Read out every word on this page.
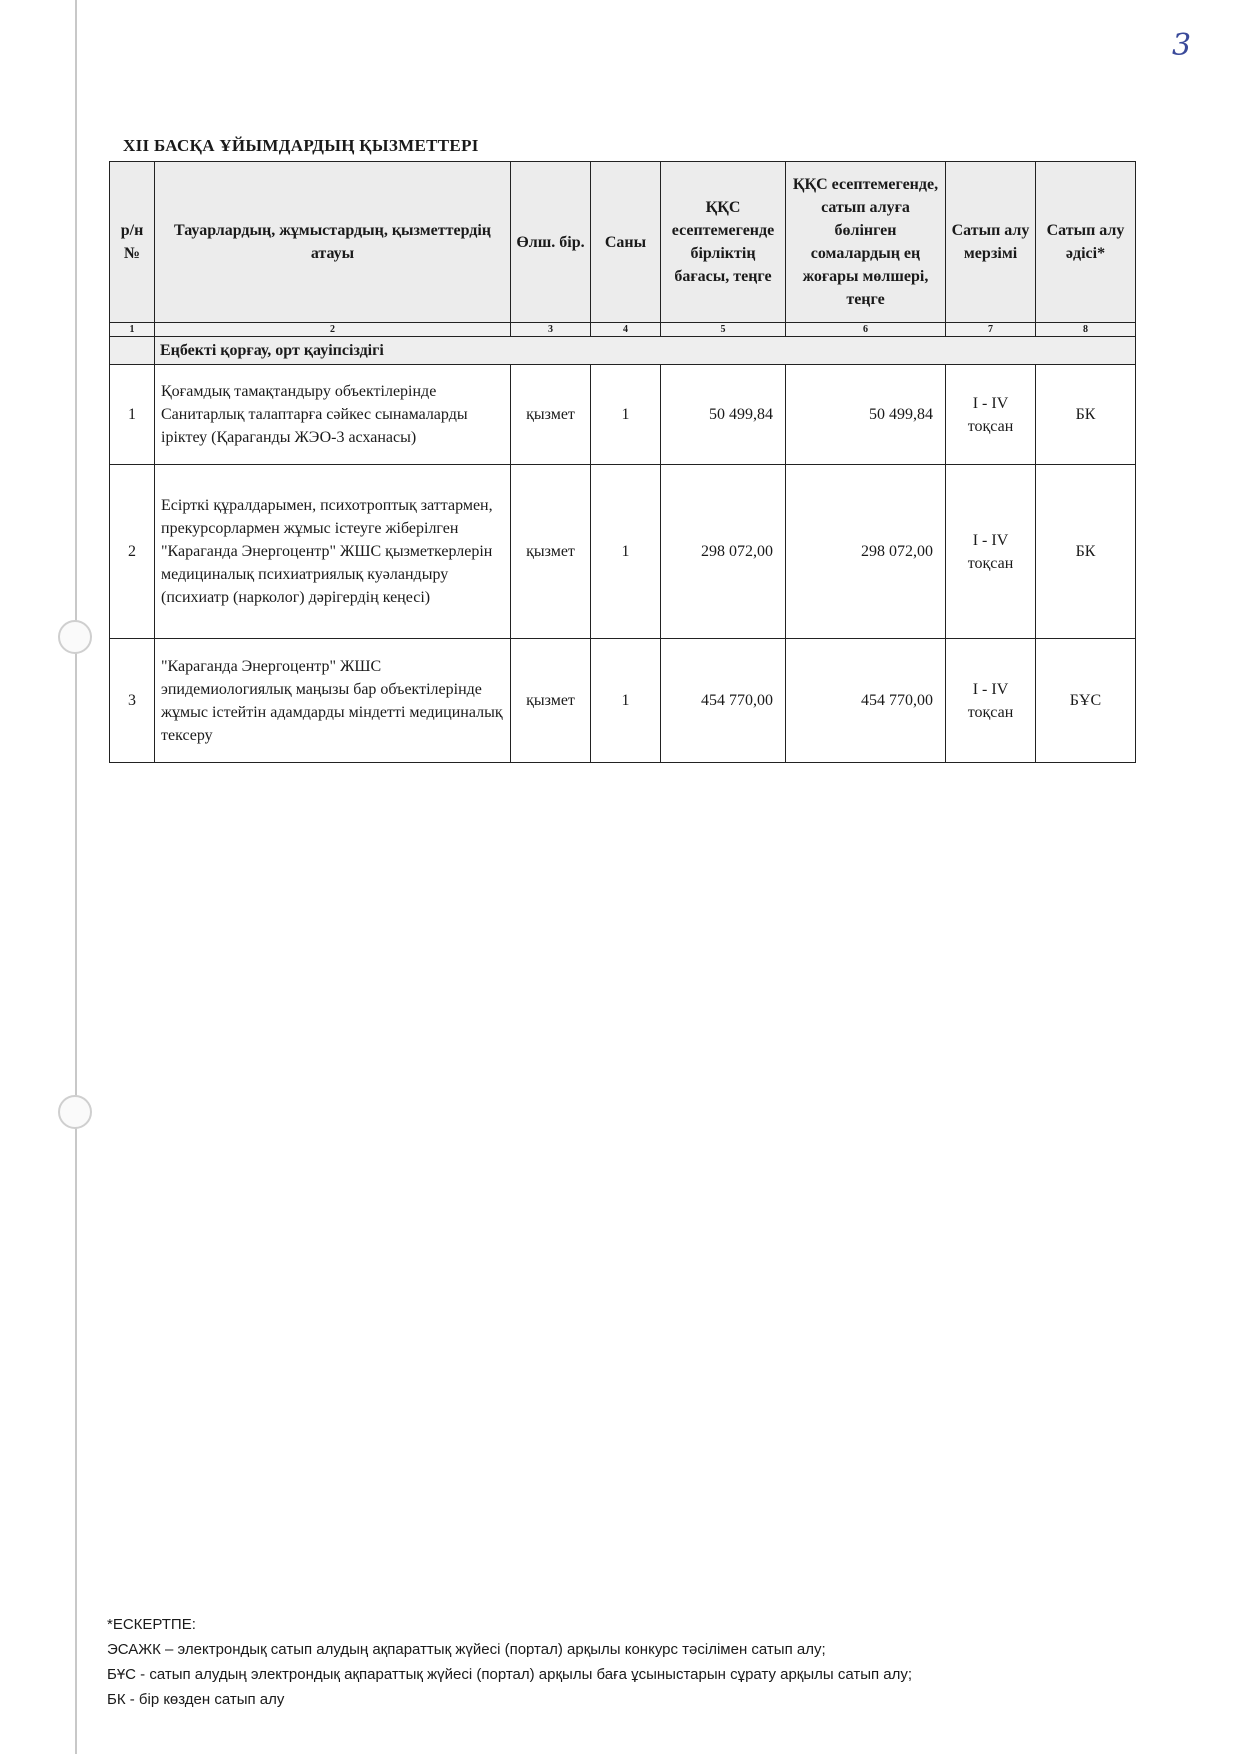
3
XII БАСҚА ҰЙЫМДАРДЫҢ ҚЫЗМЕТТЕРІ
р/н №	Тауарлардың, жұмыстардың, қызметтердің атауы	Өлш. бір.	Саны	ҚҚС есептемегенде бірліктің бағасы, теңге	ҚҚС есептемегенде, сатып алуға бөлінген сомалардың ең жоғары мөлшері, теңге	Сатып алу мерзімі	Сатып алу әдісі*
1	2	3	4	5	6	7	8
	Еңбекті қорғау, орт қауіпсіздігі						
1	Қоғамдық тамақтандыру объектілерінде Санитарлық талаптарға сәйкес сынамаларды іріктеу (Қараганды ЖЭО-3 асханасы)	қызмет	1	50 499,84	50 499,84	I - IV тоқсан	БК
2	Есірткі құралдарымен, психотроптық заттармен, прекурсорлармен жұмыс істеуге жіберілген "Караганда Энергоцентр" ЖШС қызметкерлерін медициналық психиатриялық куәландыру (психиатр (нарколог) дәрігердің кеңесі)	қызмет	1	298 072,00	298 072,00	I - IV тоқсан	БК
3	"Караганда Энергоцентр" ЖШС эпидемиологиялық маңызы бар объектілерінде жұмыс істейтін адамдарды міндетті медициналық тексеру	қызмет	1	454 770,00	454 770,00	I - IV тоқсан	БҰС
*ЕСКЕРТПЕ:
ЭСАЖК – электрондық сатып алудың ақпараттық жүйесі (портал) арқылы конкурс тәсілімен сатып алу;
БҰС - сатып алудың электрондық ақпараттық жүйесі (портал) арқылы баға ұсыныстарын сұрату арқылы сатып алу;
БК - бір көзден сатып алу
